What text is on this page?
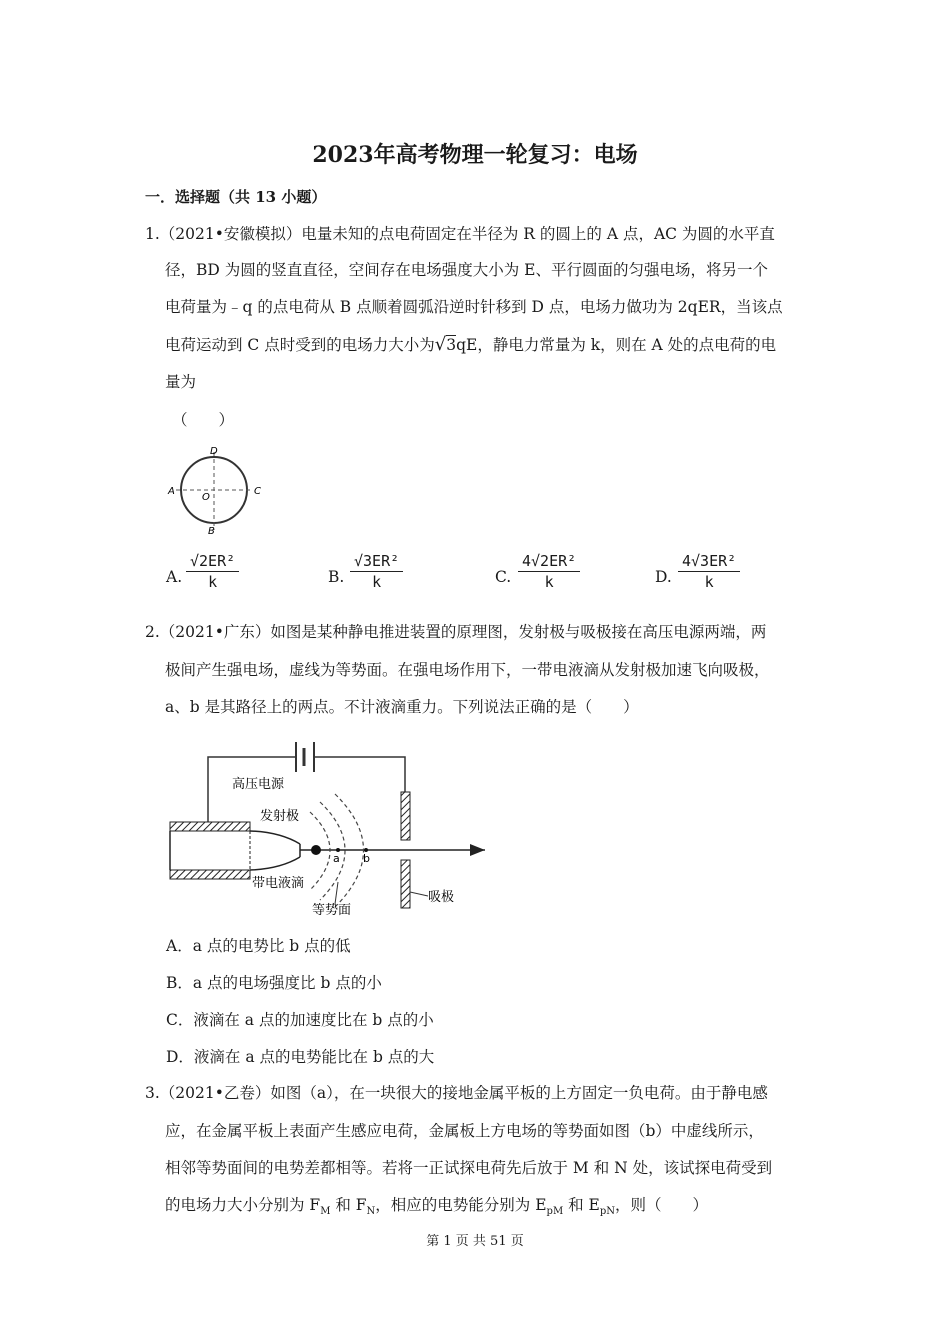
2023年高考物理一轮复习：电场
一．选择题（共 13 小题）
1.（2021•安徽模拟）电量未知的点电荷固定在半径为 R 的圆上的 A 点，AC 为圆的水平直
径，BD 为圆的竖直直径，空间存在电场强度大小为 E、平行圆面的匀强电场，将另一个
电荷量为﹣q 的点电荷从 B 点顺着圆弧沿逆时针移到 D 点，电场力做功为 2qER，当该点
电荷运动到 C 点时受到的电场力大小为√3qE，静电力常量为 k，则在 A 处的点电荷的电
量为
（　　）
A	C
D
B
O
A. $\frac{\text{√2ER²}}{k}$	B. $\frac{\text{√3ER²}}{k}$	C. $\frac{\text{4√2ER²}}{k}$	D. $\frac{\text{4√3ER²}}{k}$
2.（2021•广东）如图是某种静电推进装置的原理图，发射极与吸极接在高压电源两端，两
极间产生强电场，虚线为等势面。在强电场作用下，一带电液滴从发射极加速飞向吸极，
a、b 是其路径上的两点。不计液滴重力。下列说法正确的是（　　）
高压电源
发射极
带电液滴
a b
等势面
吸极
A．a 点的电势比 b 点的低
B．a 点的电场强度比 b 点的小
C．液滴在 a 点的加速度比在 b 点的小
D．液滴在 a 点的电势能比在 b 点的大
3.（2021•乙卷）如图（a），在一块很大的接地金属平板的上方固定一负电荷。由于静电感
应，在金属平板上表面产生感应电荷，金属板上方电场的等势面如图（b）中虚线所示，
相邻等势面间的电势差都相等。若将一正试探电荷先后放于 M 和 N 处，该试探电荷受到
的电场力大小分别为 $F_M$ 和 $F_N$，相应的电势能分别为 $E_{pM}$ 和 $E_{pN}$，则（　　）
第 1 页 共 51 页
